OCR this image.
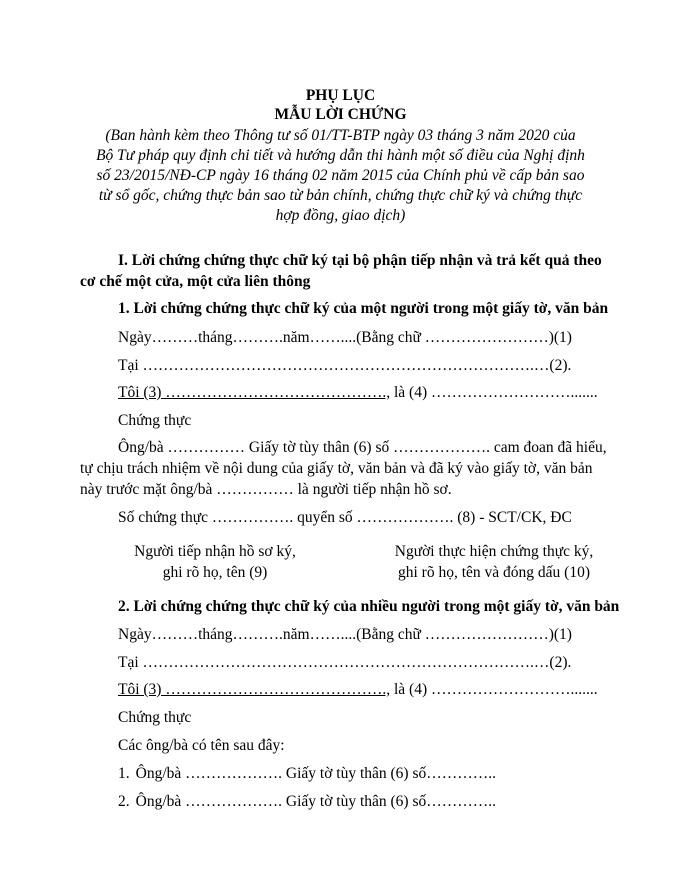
PHỤ LỤC
MẪU LỜI CHỨNG
(Ban hành kèm theo Thông tư số 01/TT-BTP ngày 03 tháng 3 năm 2020 của
Bộ Tư pháp quy định chi tiết và hướng dẫn thi hành một số điều của Nghị định
số 23/2015/NĐ-CP ngày 16 tháng 02 năm 2015 của Chính phủ về cấp bản sao
từ sổ gốc, chứng thực bản sao từ bản chính, chứng thực chữ ký và chứng thực
hợp đồng, giao dịch)
I. Lời chứng chứng thực chữ ký tại bộ phận tiếp nhận và trả kết quả theo
cơ chế một cửa, một cửa liên thông
1. Lời chứng chứng thực chữ ký của một người trong một giấy tờ, văn bản
Ngày………tháng……….năm……....(Bằng chữ ……………………)(1)
Tại ………………………………………………………………….…(2).
Tôi (3) ……………………………………., là (4) ……………………….......
Chứng thực
Ông/bà …………… Giấy tờ tùy thân (6) số ………………. cam đoan đã hiểu,
tự chịu trách nhiệm về nội dung của giấy tờ, văn bản và đã ký vào giấy tờ, văn bản
này trước mặt ông/bà …………… là người tiếp nhận hồ sơ.
Số chứng thực ……………. quyển số ………………. (8) - SCT/CK, ĐC
Người tiếp nhận hồ sơ ký,
ghi rõ họ, tên (9)
Người thực hiện chứng thực ký,
ghi rõ họ, tên và đóng dấu (10)
2. Lời chứng chứng thực chữ ký của nhiều người trong một giấy tờ, văn bản
Ngày………tháng……….năm……....(Bằng chữ ……………………)(1)
Tại ………………………………………………………………….…(2).
Tôi (3) ……………………………………., là (4) ……………………….......
Chứng thực
Các ông/bà có tên sau đây:
1. Ông/bà ………………. Giấy tờ tùy thân (6) số…………..
2. Ông/bà ………………. Giấy tờ tùy thân (6) số…………..
